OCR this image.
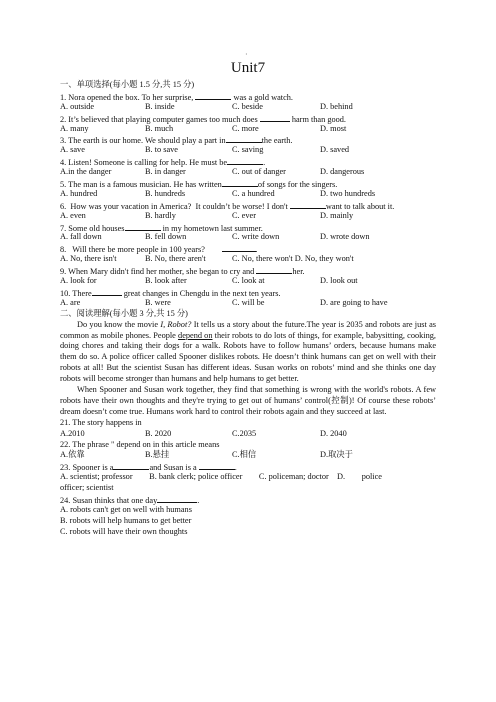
·
Unit7
一、单项选择(每小题 1.5 分,共 15 分)
1. Nora opened the box. To her surprise,	was a gold watch.
A. outside	B. inside	C. beside	D. behind
2. It’s believed that playing computer games too much does	harm than good.
A. many	B. much	C. more	D. most
3. The earth is our home. We should play a part in	the earth.
A. save	B. to save	C. saving	D. saved
4. Listen! Someone is calling for help. He must be	.
A.in the danger	B. in danger	C. out of danger	D. dangerous
5. The man is a famous musician. He has written	of songs for the singers.
A. hundred	B. hundreds	C. a hundred	D. two hundreds
6.  How was your vacation in America?  It couldn’t be worse! I don't	want to talk about it.
A. even	B. hardly	C. ever	D. mainly
7. Some old houses	in my hometown last summer.
A. fall down	B. fell down	C. write down	D. wrote down
8.   Will there be more people in 100 years?	.
A. No, there isn't	B. No, there aren't	C. No, there won't D. No, they won't
9. When Mary didn't find her mother, she began to cry and	her.
A. look for	B. look after	C. look at	D. look out
10. There	great changes in Chengdu in the next ten years.
A. are	B. were	C. will be	D. are going to have
二、阅读理解(每小题 3 分,共 15 分)

Do you know the movie I, Robot? It tells us a story about the future.The year is 2035 and robots are just as common as mobile phones. People depend on their robots to do lots of things, for example, babysitting, cooking, doing chores and taking their dogs for a walk. Robots have to follow humans’ orders, because humans make them do so. A police officer called Spooner dislikes robots. He doesn’t think humans can get on well with their robots at all! But the scientist Susan has different ideas. Susan works on robots’ mind and she thinks one day robots will become stronger than humans and help humans to get better.

When Spooner and Susan work together, they find that something is wrong with the world's robots. A few robots have their own thoughts and they're trying to get out of humans’ control(控制)! Of course these robots’ dream doesn’t come true. Humans work hard to control their robots again and they succeed at last.

21. The story happens in
A.2010	B. 2020	C.2035	D. 2040
22. The phrase " depend on in this article means
A.依靠	B.悬挂	C.相信	D.取决于
23. Spooner is a	and Susan is a	.
A. scientist; professor        B. bank clerk; police officer        C. policeman; doctor    D.        police
officer; scientist
24. Susan thinks that one day	.
A. robots can't get on well with humans
B. robots will help humans to get better
C. robots will have their own thoughts
